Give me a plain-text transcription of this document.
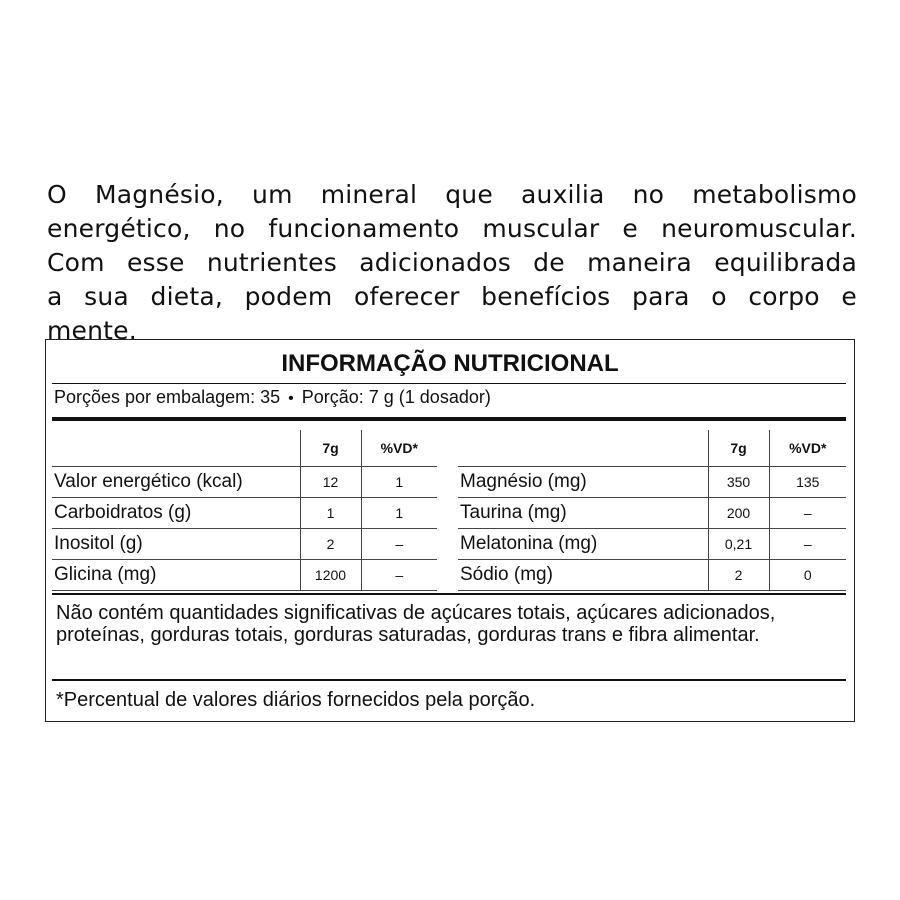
O Magnésio, um mineral que auxilia no metabolismo
energético, no funcionamento muscular e neuromuscular.
Com esse nutrientes adicionados de maneira equilibrada
a sua dieta, podem oferecer benefícios para o corpo e
mente.
INFORMAÇÃO NUTRICIONAL
Porções por embalagem: 35 • Porção: 7 g (1 dosador)
	7g	%VD*
Valor energético (kcal)	12	1
Carboidratos (g)	1	1
Inositol (g)	2	–
Glicina (mg)	1200	–
	7g	%VD*
Magnésio (mg)	350	135
Taurina (mg)	200	–
Melatonina (mg)	0,21	–
Sódio (mg)	2	0
Não contém quantidades significativas de açúcares totais, açúcares adicionados, proteínas, gorduras totais, gorduras saturadas, gorduras trans e fibra alimentar.
*Percentual de valores diários fornecidos pela porção.
